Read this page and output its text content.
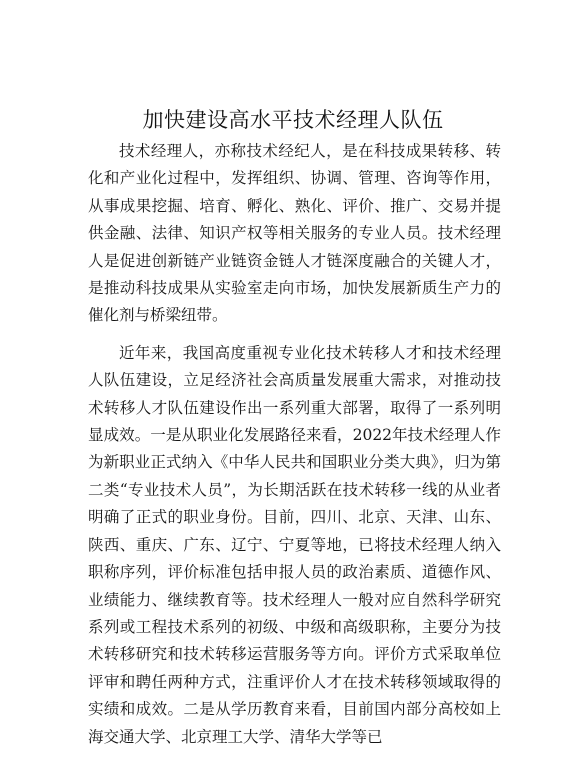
加快建设高水平技术经理人队伍

技术经理人，亦称技术经纪人，是在科技成果转移、转化和产业化过程中，发挥组织、协调、管理、咨询等作用，从事成果挖掘、培育、孵化、熟化、评价、推广、交易并提供金融、法律、知识产权等相关服务的专业人员。技术经理人是促进创新链产业链资金链人才链深度融合的关键人才，是推动科技成果从实验室走向市场，加快发展新质生产力的催化剂与桥梁纽带。

近年来，我国高度重视专业化技术转移人才和技术经理人队伍建设，立足经济社会高质量发展重大需求，对推动技术转移人才队伍建设作出一系列重大部署，取得了一系列明显成效。一是从职业化发展路径来看，2022年技术经理人作为新职业正式纳入《中华人民共和国职业分类大典》，归为第二类“专业技术人员”，为长期活跃在技术转移一线的从业者明确了正式的职业身份。目前，四川、北京、天津、山东、陕西、重庆、广东、辽宁、宁夏等地，已将技术经理人纳入职称序列，评价标准包括申报人员的政治素质、道德作风、业绩能力、继续教育等。技术经理人一般对应自然科学研究系列或工程技术系列的初级、中级和高级职称，主要分为技术转移研究和技术转移运营服务等方向。评价方式采取单位评审和聘任两种方式，注重评价人才在技术转移领域取得的实绩和成效。二是从学历教育来看，目前国内部分高校如上海交通大学、北京理工大学、清华大学等已
